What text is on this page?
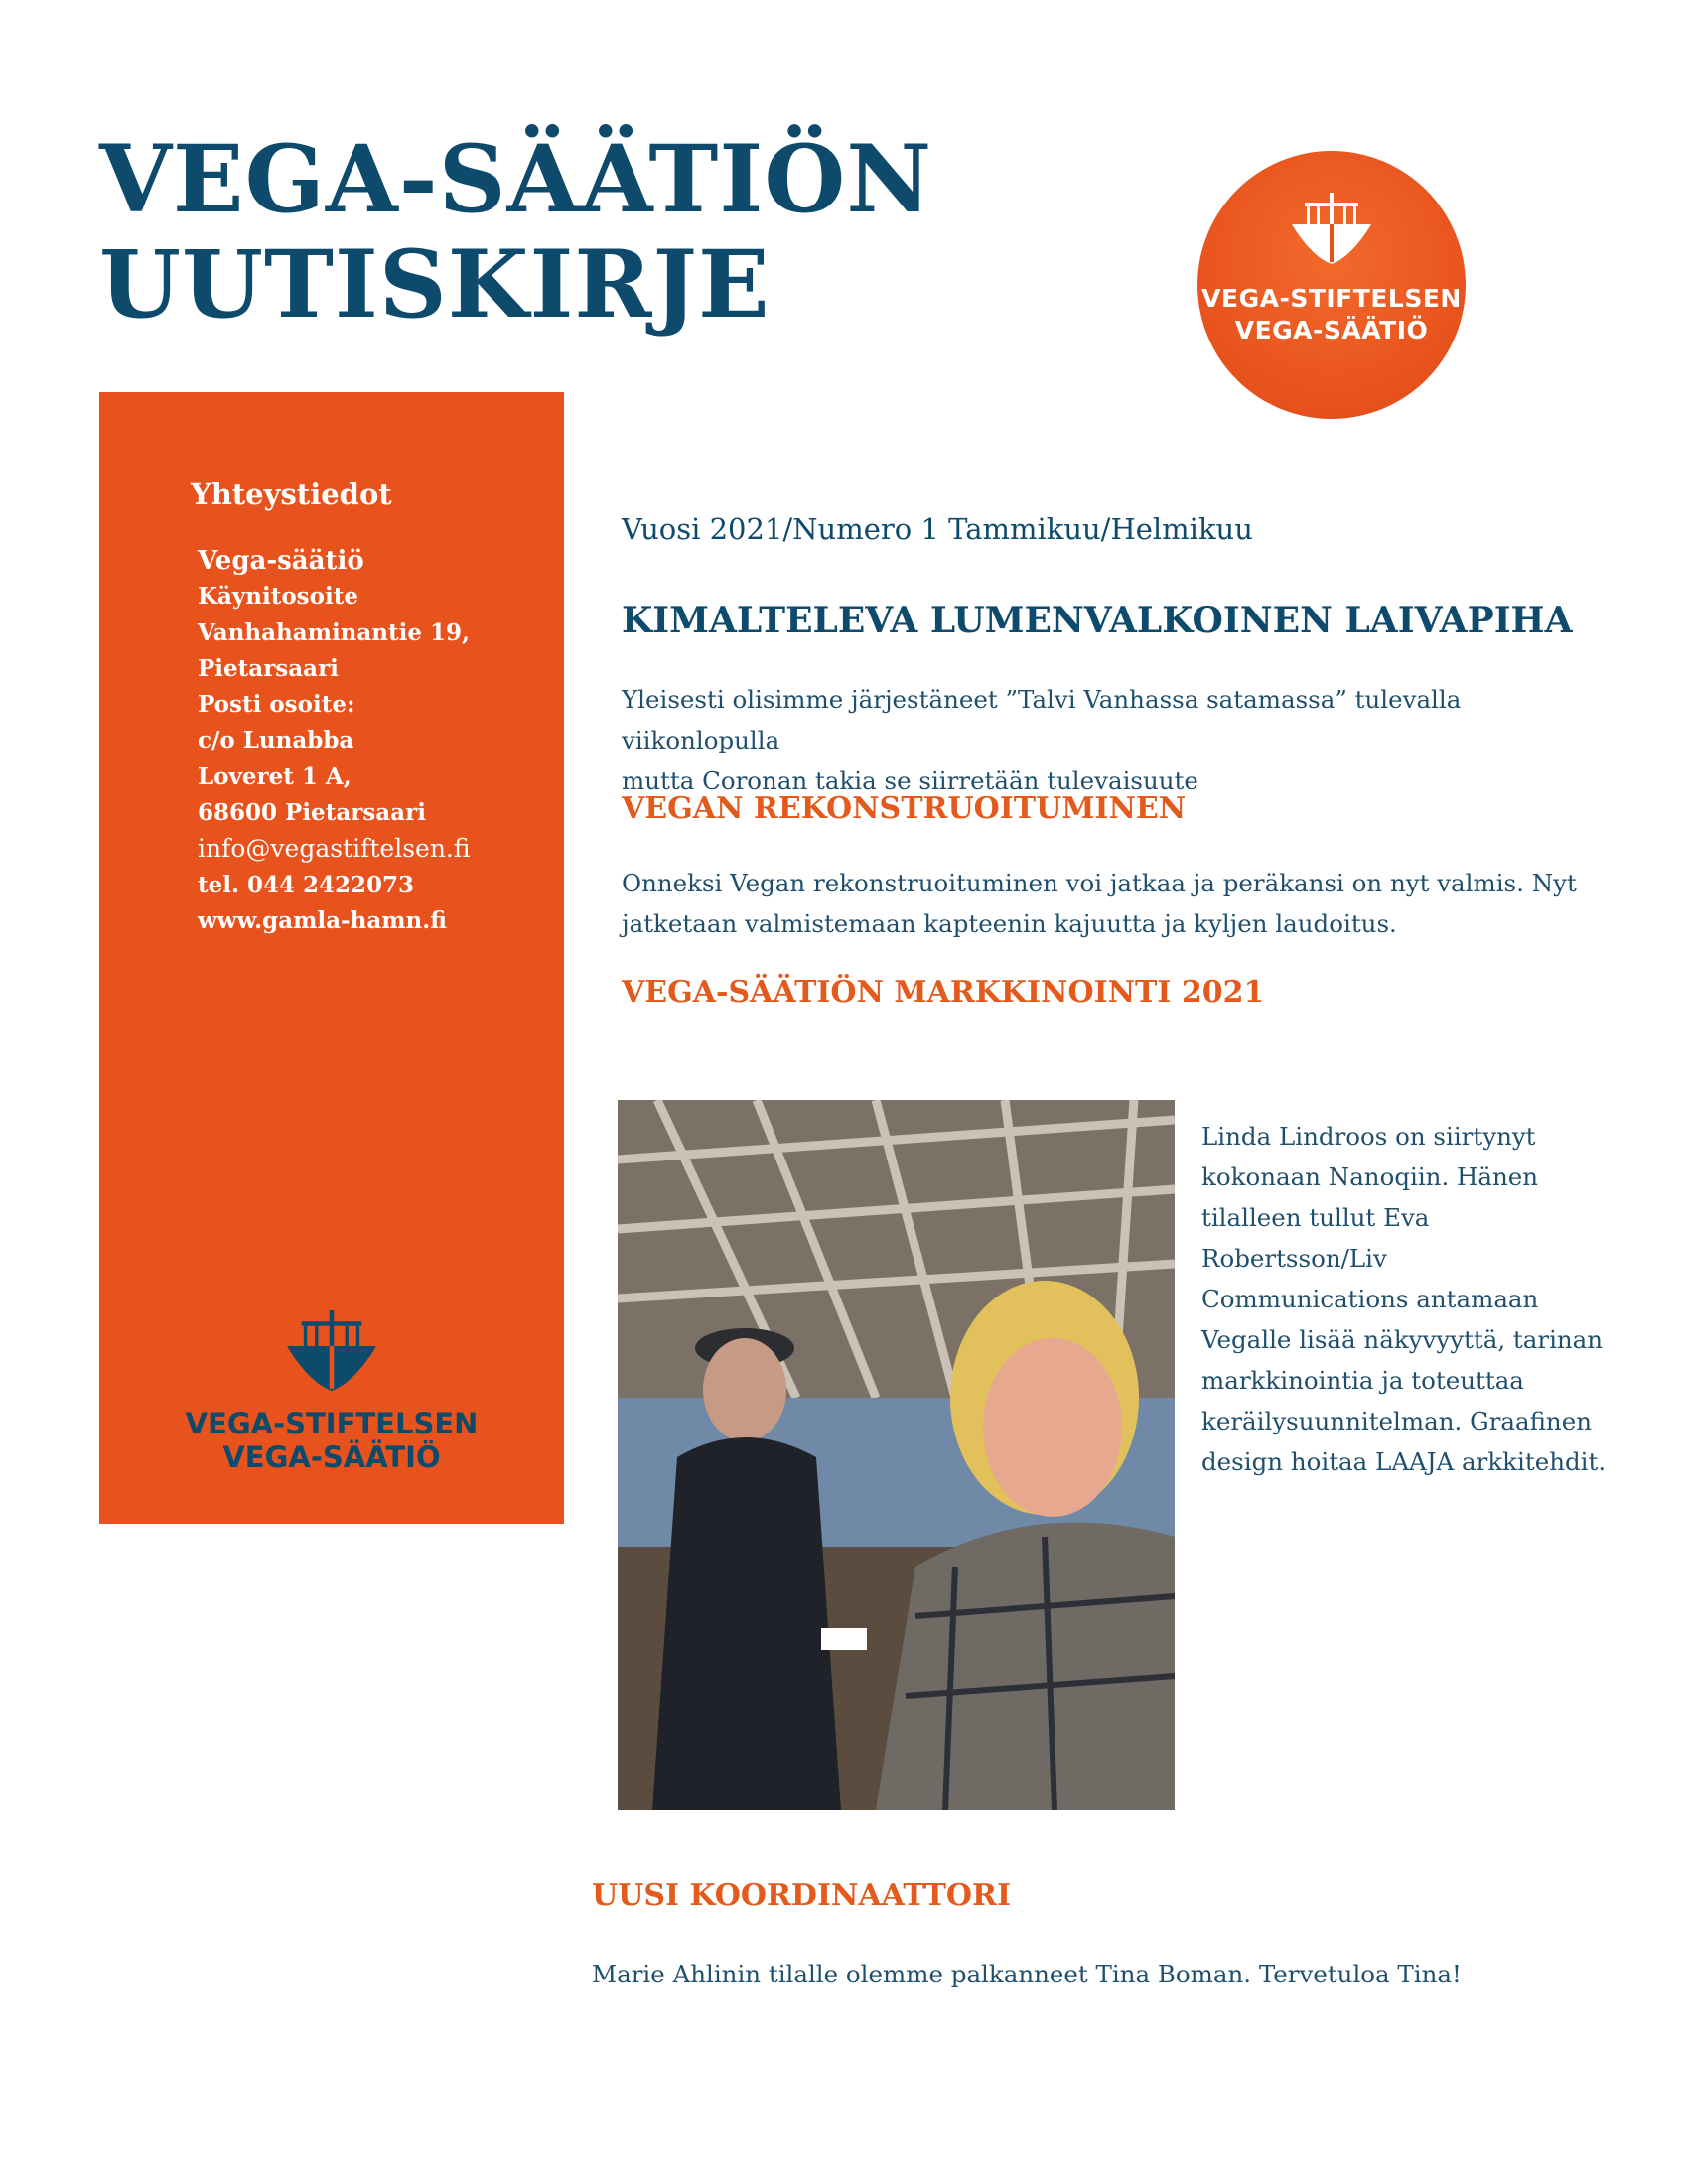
VEGA-SÄÄTIÖN
UUTISKIRJE	VEGA-STIFTELSEN
VEGA-SÄÄTIÖ
Yhteystiedot
Vega-säätiö
Käynitosoite
Vanhahaminantie 19,
Pietarsaari
Posti osoite:
c/o Lunabba
Loveret 1 A,
68600 Pietarsaari
info@vegastiftelsen.fi
tel. 044 2422073
www.gamla-hamn.fi
VEGA-STIFTELSEN
VEGA-SÄÄTIÖ

Vuosi 2021/Numero 1 Tammikuu/Helmikuu

KIMALTELEVA LUMENVALKOINEN LAIVAPIHA

Yleisesti olisimme järjestäneet ”Talvi Vanhassa satamassa” tulevalla viikonlopulla
mutta Coronan takia se siirretään tulevaisuute

VEGAN REKONSTRUOITUMINEN

Onneksi Vegan rekonstruoituminen voi jatkaa ja peräkansi on nyt valmis. Nyt
jatketaan valmistemaan kapteenin kajuutta ja kyljen laudoitus.

VEGA-SÄÄTIÖN MARKKINOINTI 2021

Linda Lindroos on siirtynyt
kokonaan Nanoqiin. Hänen
tilalleen tullut Eva
Robertsson/Liv
Communications antamaan
Vegalle lisää näkyvyyttä, tarinan
markkinointia ja toteuttaa
keräilysuunnitelman. Graafinen
design hoitaa LAAJA arkkitehdit.

UUSI KOORDINAATTORI

Marie Ahlinin tilalle olemme palkanneet Tina Boman. Tervetuloa Tina!
